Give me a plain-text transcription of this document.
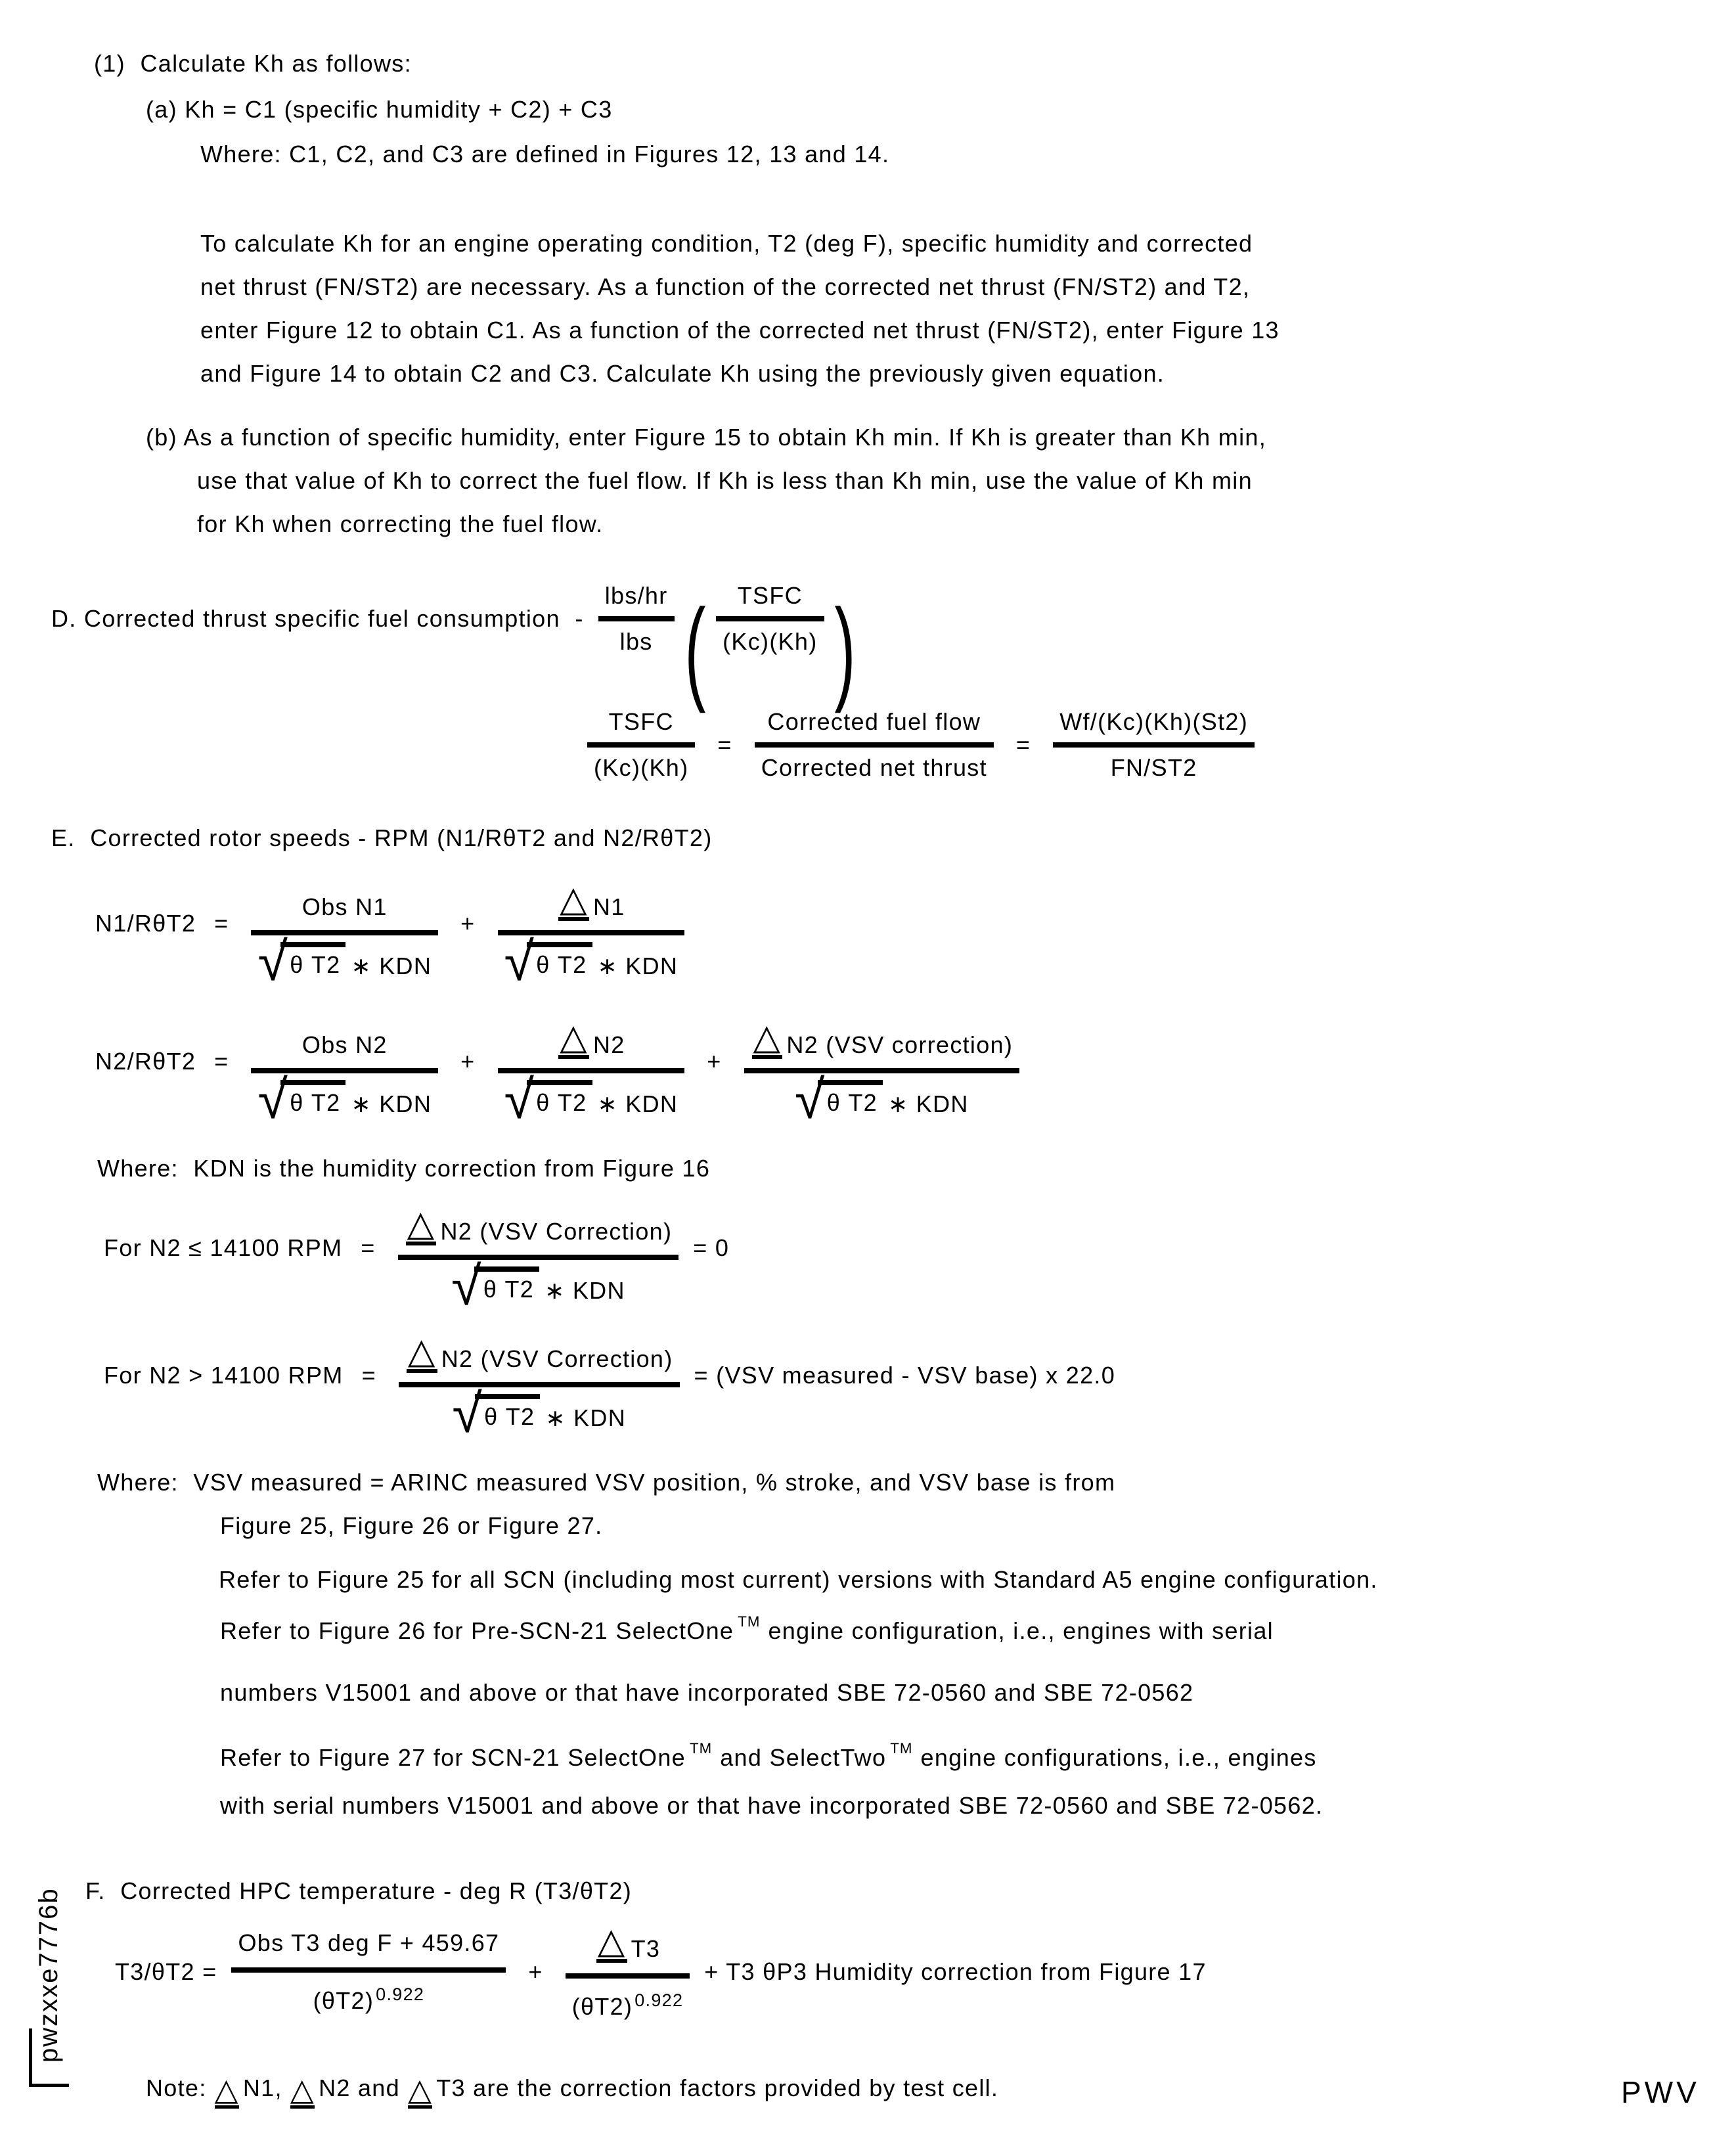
(1)  Calculate Kh as follows:
(a) Kh = C1 (specific humidity + C2) + C3
Where: C1, C2, and C3 are defined in Figures 12, 13 and 14.
To calculate Kh for an engine operating condition, T2 (deg F), specific humidity and corrected
net thrust (FN/ST2) are necessary. As a function of the corrected net thrust (FN/ST2) and T2,
enter Figure 12 to obtain C1. As a function of the corrected net thrust (FN/ST2), enter Figure 13
and Figure 14 to obtain C2 and C3. Calculate Kh using the previously given equation.
(b) As a function of specific humidity, enter Figure 15 to obtain Kh min. If Kh is greater than Kh min,
use that value of Kh to correct the fuel flow. If Kh is less than Kh min, use the value of Kh min
for Kh when correcting the fuel flow.
D. Corrected thrust specific fuel consumption  -
lbs/hr
lbs ( TSFC
(Kc)(Kh) )
TSFC
(Kc)(Kh)
=
Corrected fuel flow
Corrected net thrust
=
Wf/(Kc)(Kh)(St2)
FN/ST2
E.  Corrected rotor speeds - RPM (N1/RθT2 and N2/RθT2)
N1/RθT2 =
Obs N1
√ θ T2 ∗ KDN
+
△ N1
√ θ T2 ∗ KDN
N2/RθT2 =
Obs N2
√ θ T2 ∗ KDN
+
△ N2
√ θ T2 ∗ KDN
+
△ N2 (VSV correction)
√ θ T2 ∗ KDN
Where:  KDN is the humidity correction from Figure 16
For N2 ≤ 14100 RPM =
△ N2 (VSV Correction)
√ θ T2 ∗ KDN
= 0
For N2 > 14100 RPM =
△ N2 (VSV Correction)
√ θ T2 ∗ KDN
= (VSV measured - VSV base) x 22.0
Where:  VSV measured = ARINC measured VSV position, % stroke, and VSV base is from
Figure 25, Figure 26 or Figure 27.
Refer to Figure 25 for all SCN (including most current) versions with Standard A5 engine configuration.
Refer to Figure 26 for Pre-SCN-21 SelectOne ™ engine configuration, i.e., engines with serial
numbers V15001 and above or that have incorporated SBE 72-0560 and SBE 72-0562
Refer to Figure 27 for SCN-21 SelectOne ™ and SelectTwo ™ engine configurations, i.e., engines
with serial numbers V15001 and above or that have incorporated SBE 72-0560 and SBE 72-0562.
F.  Corrected HPC temperature - deg R (T3/θT2)
T3/θT2 =
Obs T3 deg F + 459.67
(θT2) 0.922
+
△ T3
(θT2) 0.922
+ T3 θP3 Humidity correction from Figure 17
Note: △ N1, △ N2 and △ T3 are the correction factors provided by test cell.
pwzxxe7776b
PWV
